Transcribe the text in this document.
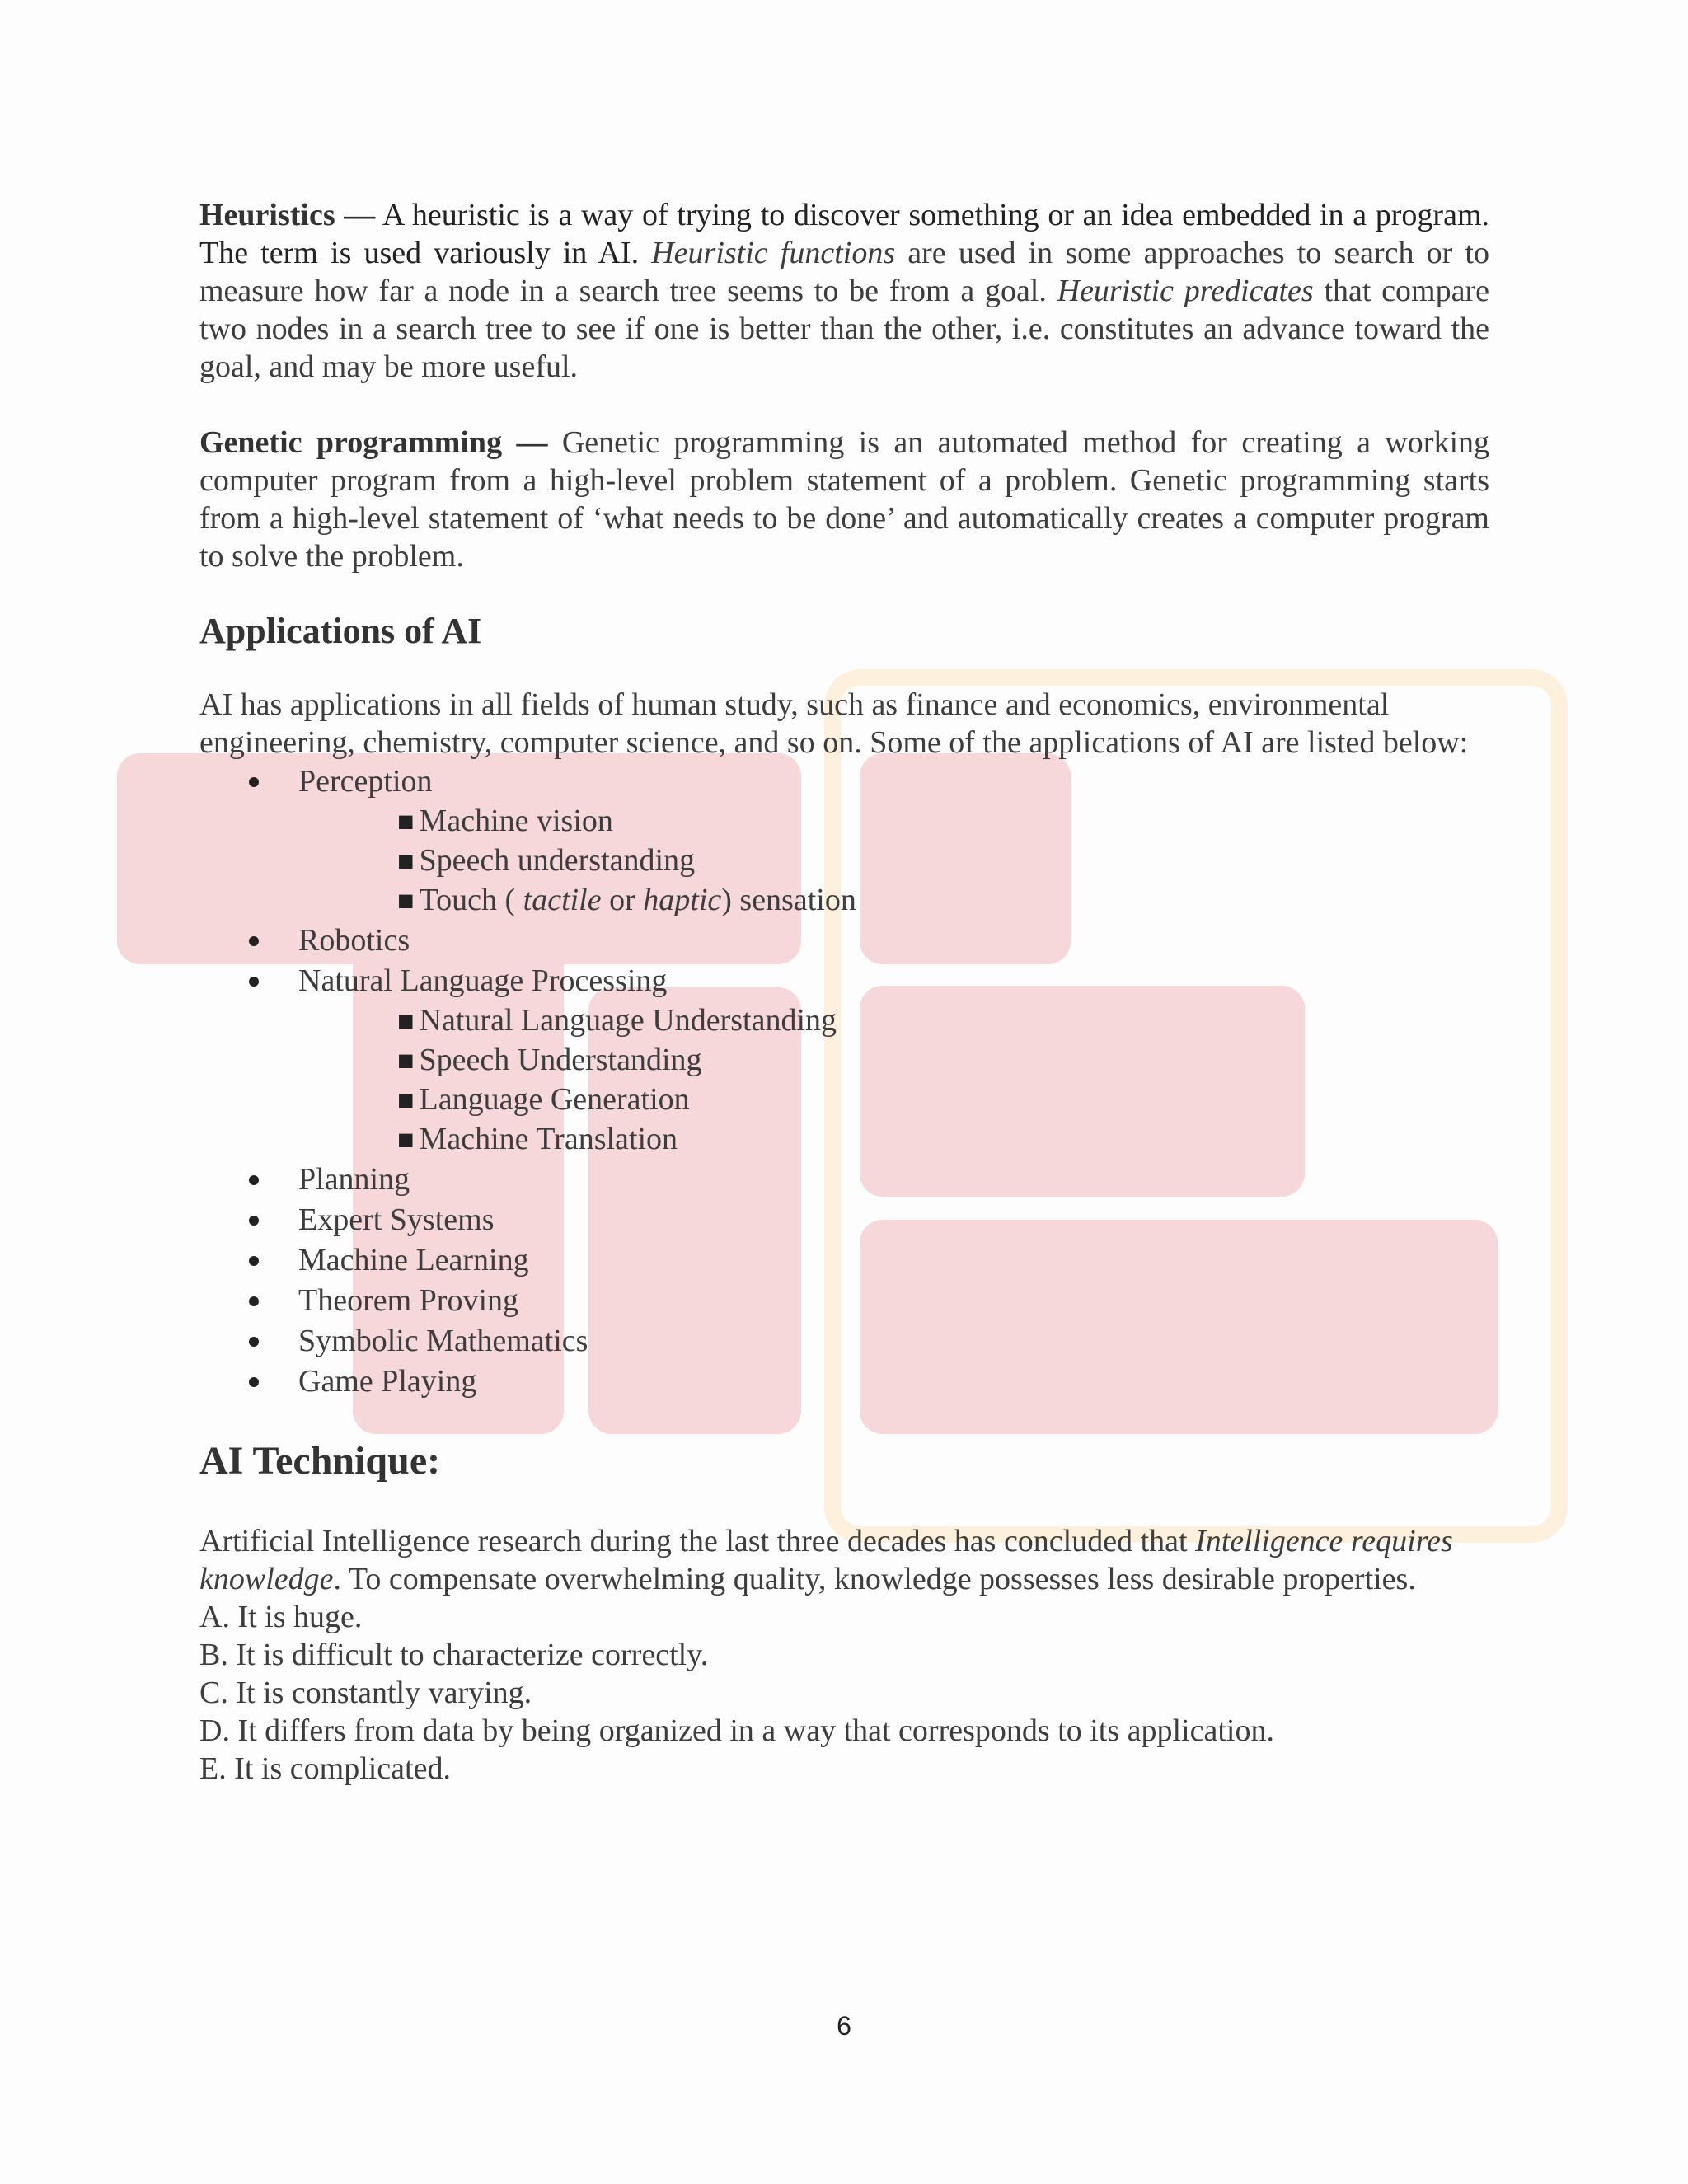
Heuristics — A heuristic is a way of trying to discover something or an idea embedded in a program. The term is used variously in AI. Heuristic functions are used in some approaches to search or to measure how far a node in a search tree seems to be from a goal. Heuristic predicates that compare two nodes in a search tree to see if one is better than the other, i.e. constitutes an advance toward the goal, and may be more useful.

Genetic programming — Genetic programming is an automated method for creating a working computer program from a high-level problem statement of a problem. Genetic programming starts from a high-level statement of ‘what needs to be done’ and automatically creates a computer program to solve the problem.

Applications of AI

AI has applications in all fields of human study, such as finance and economics, environmental engineering, chemistry, computer science, and so on. Some of the applications of AI are listed below:

Perception
■ Machine vision
■ Speech understanding
■ Touch ( tactile or haptic) sensation
Robotics
Natural Language Processing
■ Natural Language Understanding
■ Speech Understanding
■ Language Generation
■ Machine Translation
Planning
Expert Systems
Machine Learning
Theorem Proving
Symbolic Mathematics
Game Playing
AI Technique:

Artificial Intelligence research during the last three decades has concluded that Intelligence requires knowledge. To compensate overwhelming quality, knowledge possesses less desirable properties.

A. It is huge.
B. It is difficult to characterize correctly.
C. It is constantly varying.
D. It differs from data by being organized in a way that corresponds to its application.
E. It is complicated.
6
